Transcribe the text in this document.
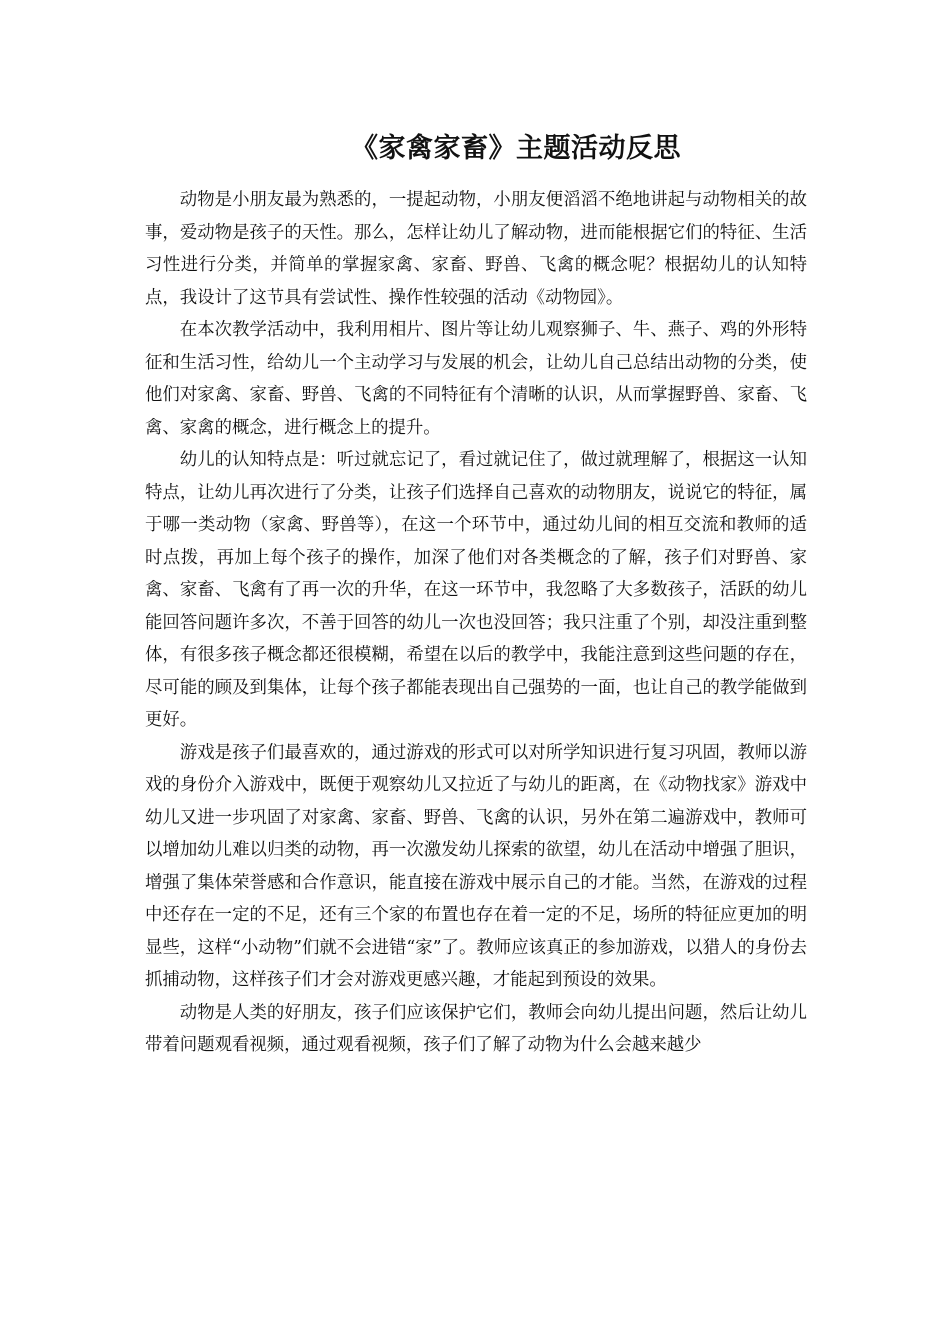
《家禽家畜》主题活动反思

动物是小朋友最为熟悉的，一提起动物，小朋友便滔滔不绝地讲起与动物相关的故事，爱动物是孩子的天性。那么，怎样让幼儿了解动物，进而能根据它们的特征、生活习性进行分类，并简单的掌握家禽、家畜、野兽、飞禽的概念呢？根据幼儿的认知特点，我设计了这节具有尝试性、操作性较强的活动《动物园》。

在本次教学活动中，我利用相片、图片等让幼儿观察狮子、牛、燕子、鸡的外形特征和生活习性，给幼儿一个主动学习与发展的机会，让幼儿自己总结出动物的分类，使他们对家禽、家畜、野兽、飞禽的不同特征有个清晰的认识，从而掌握野兽、家畜、飞禽、家禽的概念，进行概念上的提升。

幼儿的认知特点是：听过就忘记了，看过就记住了，做过就理解了，根据这一认知特点，让幼儿再次进行了分类，让孩子们选择自己喜欢的动物朋友，说说它的特征，属于哪一类动物（家禽、野兽等），在这一个环节中，通过幼儿间的相互交流和教师的适时点拨，再加上每个孩子的操作，加深了他们对各类概念的了解，孩子们对野兽、家禽、家畜、飞禽有了再一次的升华，在这一环节中，我忽略了大多数孩子，活跃的幼儿能回答问题许多次，不善于回答的幼儿一次也没回答；我只注重了个别，却没注重到整体，有很多孩子概念都还很模糊，希望在以后的教学中，我能注意到这些问题的存在，尽可能的顾及到集体，让每个孩子都能表现出自己强势的一面，也让自己的教学能做到更好。

游戏是孩子们最喜欢的，通过游戏的形式可以对所学知识进行复习巩固，教师以游戏的身份介入游戏中，既便于观察幼儿又拉近了与幼儿的距离，在《动物找家》游戏中幼儿又进一步巩固了对家禽、家畜、野兽、飞禽的认识，另外在第二遍游戏中，教师可以增加幼儿难以归类的动物，再一次激发幼儿探索的欲望，幼儿在活动中增强了胆识，增强了集体荣誉感和合作意识，能直接在游戏中展示自己的才能。当然，在游戏的过程中还存在一定的不足，还有三个家的布置也存在着一定的不足，场所的特征应更加的明显些，这样“小动物”们就不会进错“家”了。教师应该真正的参加游戏，以猎人的身份去抓捕动物，这样孩子们才会对游戏更感兴趣，才能起到预设的效果。

动物是人类的好朋友，孩子们应该保护它们，教师会向幼儿提出问题，然后让幼儿带着问题观看视频，通过观看视频，孩子们了解了动物为什么会越来越少
